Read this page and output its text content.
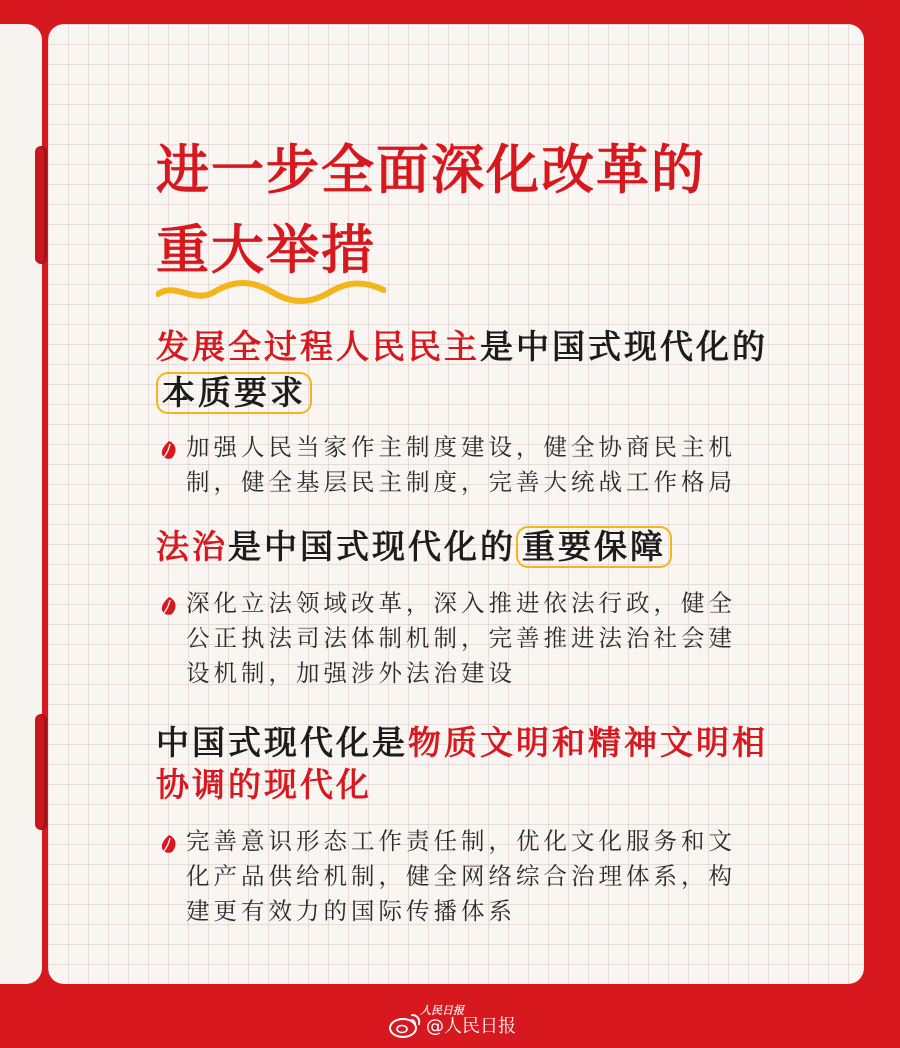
进一步全面深化改革的
重大举措
发展全过程人民民主是中国式现代化的
本质要求
加强人民当家作主制度建设，健全协商民主机
制，健全基层民主制度，完善大统战工作格局
法治是中国式现代化的 重要保障
深化立法领域改革，深入推进依法行政，健全
公正执法司法体制机制，完善推进法治社会建
设机制，加强涉外法治建设
中国式现代化是物质文明和精神文明相
协调的现代化
完善意识形态工作责任制，优化文化服务和文
化产品供给机制，健全网络综合治理体系，构
建更有效力的国际传播体系
人民日报
@人民日报
